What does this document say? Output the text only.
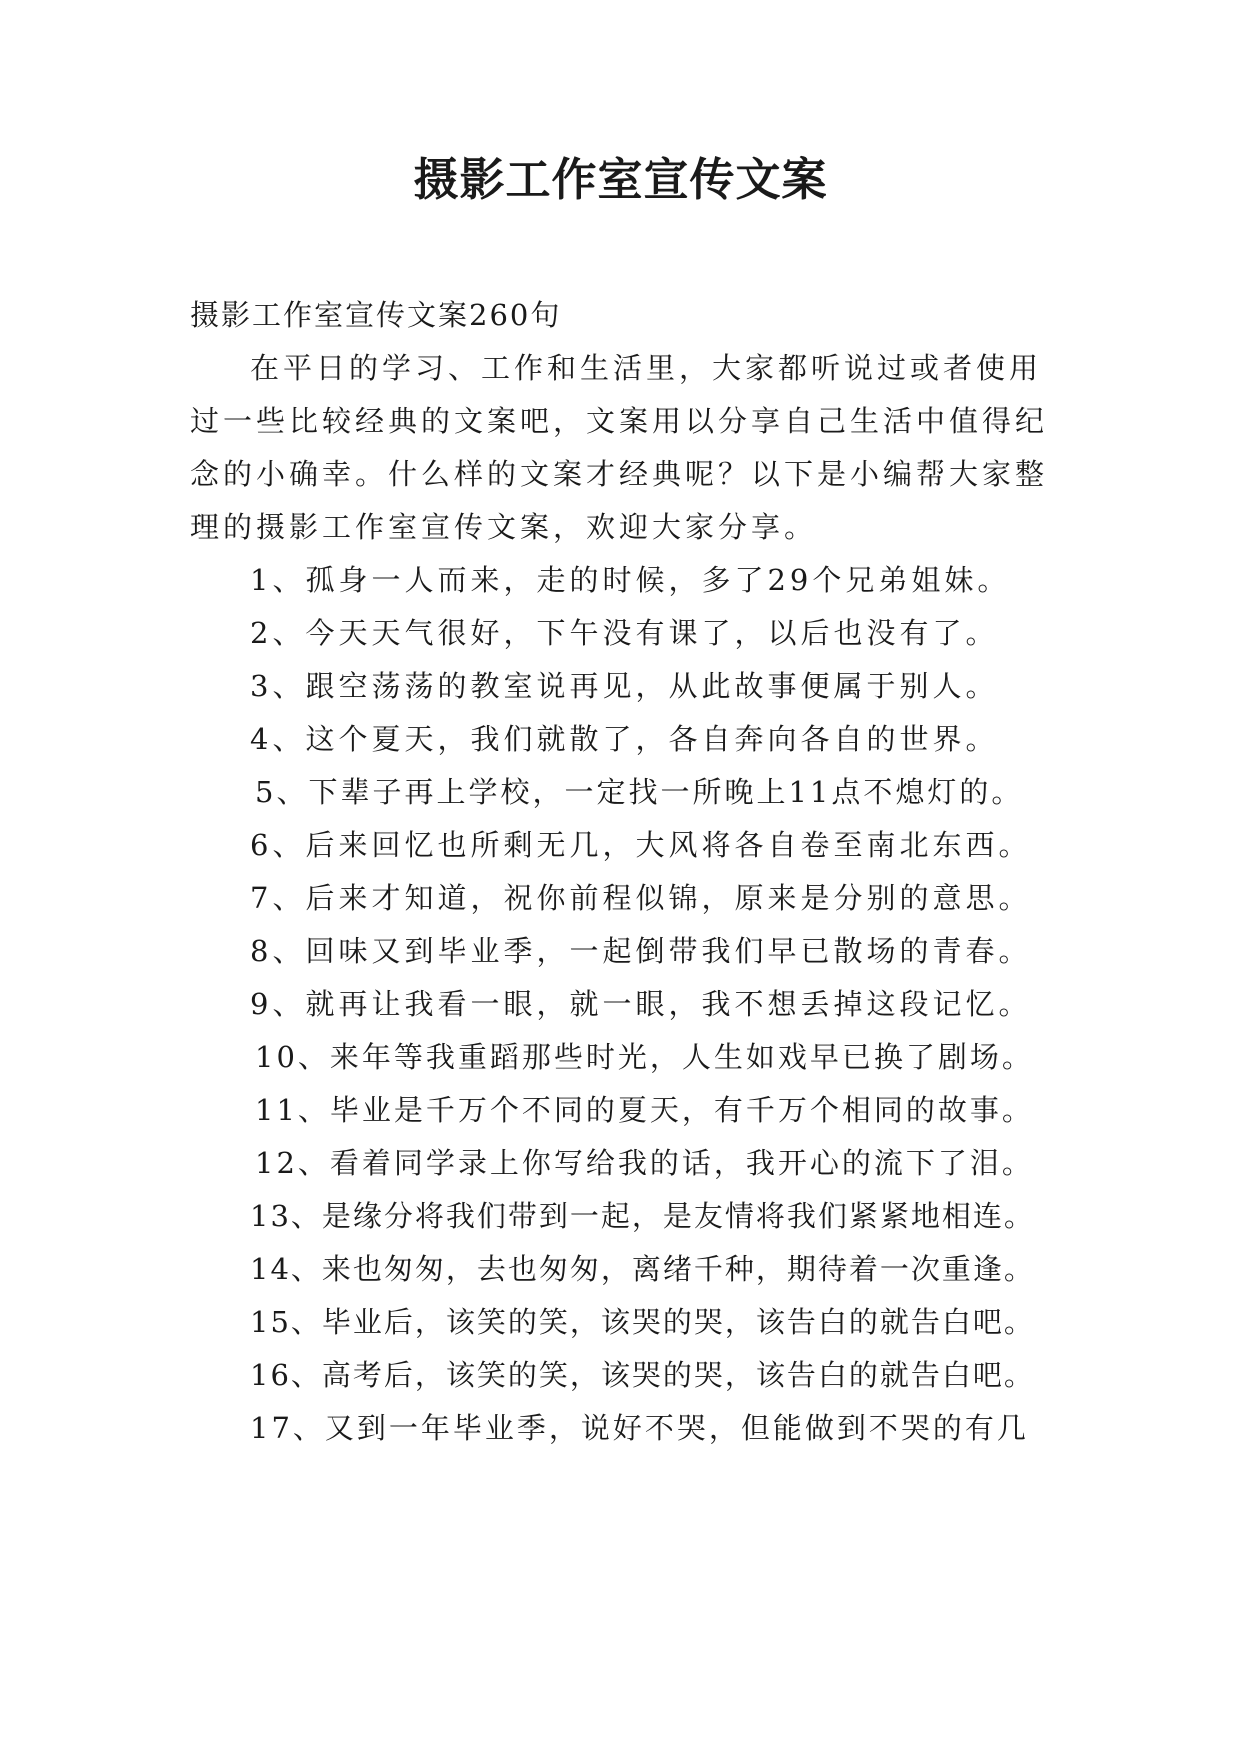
摄影工作室宣传文案

摄影工作室宣传文案260句

在平日的学习、工作和生活里，大家都听说过或者使用

过一些比较经典的文案吧，文案用以分享自己生活中值得纪

念的小确幸。什么样的文案才经典呢？以下是小编帮大家整

理的摄影工作室宣传文案，欢迎大家分享。

1、孤身一人而来，走的时候，多了29个兄弟姐妹。

2、今天天气很好，下午没有课了，以后也没有了。

3、跟空荡荡的教室说再见，从此故事便属于别人。

4、这个夏天，我们就散了，各自奔向各自的世界。

5、下辈子再上学校，一定找一所晚上11点不熄灯的。

6、后来回忆也所剩无几，大风将各自卷至南北东西。

7、后来才知道，祝你前程似锦，原来是分别的意思。

8、回味又到毕业季，一起倒带我们早已散场的青春。

9、就再让我看一眼，就一眼，我不想丢掉这段记忆。

10、来年等我重蹈那些时光，人生如戏早已换了剧场。

11、毕业是千万个不同的夏天，有千万个相同的故事。

12、看着同学录上你写给我的话，我开心的流下了泪。

13、是缘分将我们带到一起，是友情将我们紧紧地相连。

14、来也匆匆，去也匆匆，离绪千种，期待着一次重逢。

15、毕业后，该笑的笑，该哭的哭，该告白的就告白吧。

16、高考后，该笑的笑，该哭的哭，该告白的就告白吧。

17、又到一年毕业季，说好不哭，但能做到不哭的有几
